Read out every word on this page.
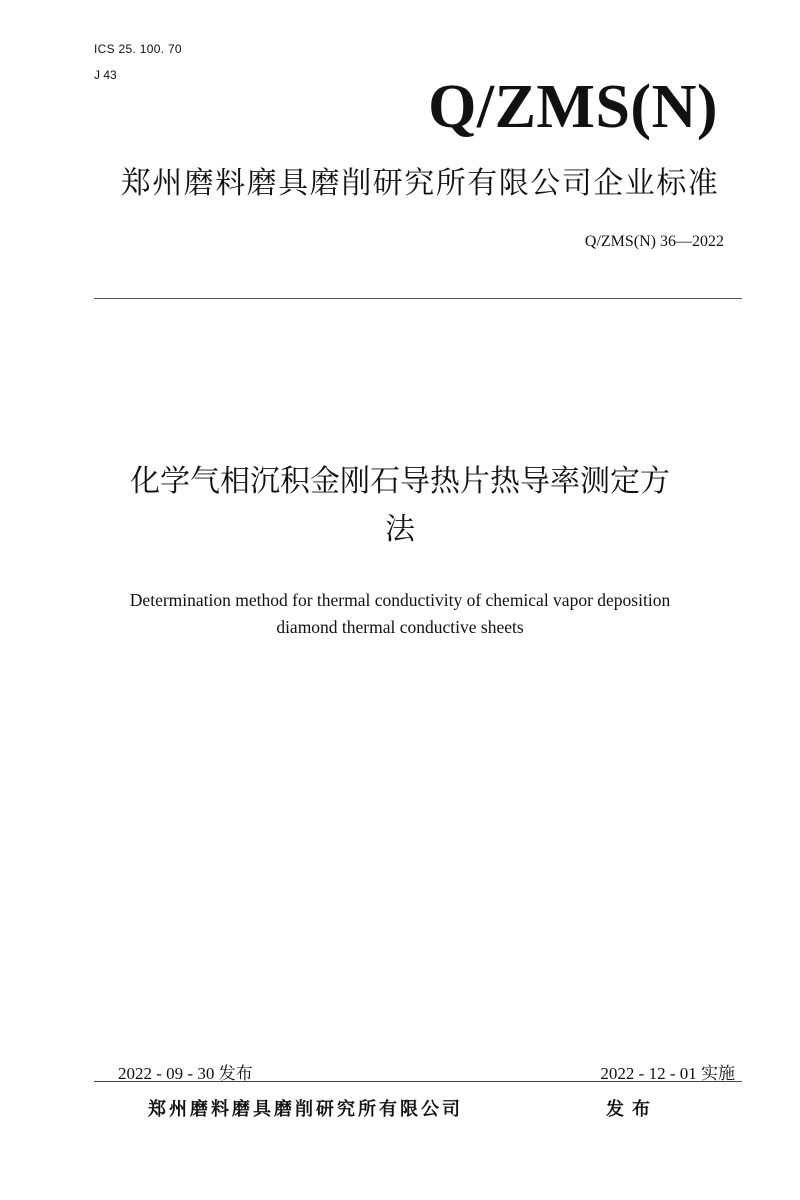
ICS 25. 100. 70
J 43	Q/ZMS(N)
郑州磨料磨具磨削研究所有限公司企业标准
Q/ZMS(N) 36—2022
化学气相沉积金刚石导热片热导率测定方
法
Determination method for thermal conductivity of chemical vapor deposition
diamond thermal conductive sheets
2022 - 09 - 30 发布	2022 - 12 - 01 实施
郑州磨料磨具磨削研究所有限公司	发布
